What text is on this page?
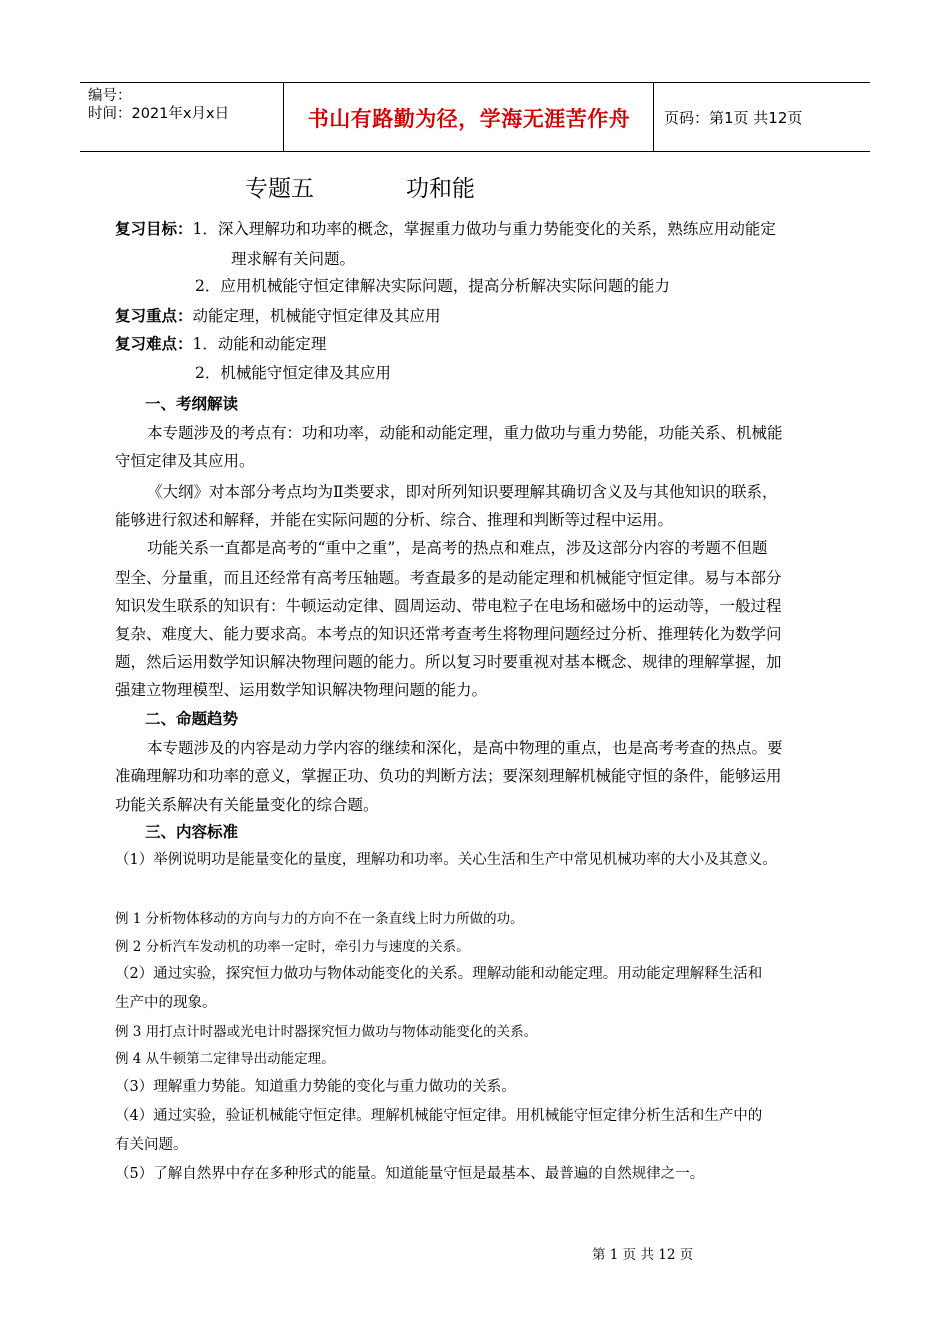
编号：
时间：2021年x月x日	书山有路勤为径，学海无涯苦作舟	页码：第1页 共12页
专题五	功和能
复习目标：1．深入理解功和功率的概念，掌握重力做功与重力势能变化的关系，熟练应用动能定
理求解有关问题。
2．应用机械能守恒定律解决实际问题，提高分析解决实际问题的能力
复习重点：动能定理，机械能守恒定律及其应用
复习难点：1．动能和动能定理
2．机械能守恒定律及其应用
一、考纲解读
本专题涉及的考点有：功和功率，动能和动能定理，重力做功与重力势能，功能关系、机械能
守恒定律及其应用。
《大纲》对本部分考点均为Ⅱ类要求，即对所列知识要理解其确切含义及与其他知识的联系，
能够进行叙述和解释，并能在实际问题的分析、综合、推理和判断等过程中运用。
功能关系一直都是高考的“重中之重”，是高考的热点和难点，涉及这部分内容的考题不但题
型全、分量重，而且还经常有高考压轴题。考查最多的是动能定理和机械能守恒定律。易与本部分
知识发生联系的知识有：牛顿运动定律、圆周运动、带电粒子在电场和磁场中的运动等，一般过程
复杂、难度大、能力要求高。本考点的知识还常考查考生将物理问题经过分析、推理转化为数学问
题，然后运用数学知识解决物理问题的能力。所以复习时要重视对基本概念、规律的理解掌握，加
强建立物理模型、运用数学知识解决物理问题的能力。
二、命题趋势
本专题涉及的内容是动力学内容的继续和深化，是高中物理的重点，也是高考考查的热点。要
准确理解功和功率的意义，掌握正功、负功的判断方法；要深刻理解机械能守恒的条件，能够运用
功能关系解决有关能量变化的综合题。
三、内容标准
（1）举例说明功是能量变化的量度，理解功和功率。关心生活和生产中常见机械功率的大小及其意义。
例 1 分析物体移动的方向与力的方向不在一条直线上时力所做的功。
例 2 分析汽车发动机的功率一定时，牵引力与速度的关系。
（2）通过实验，探究恒力做功与物体动能变化的关系。理解动能和动能定理。用动能定理解释生活和
生产中的现象。
例 3 用打点计时器或光电计时器探究恒力做功与物体动能变化的关系。
例 4 从牛顿第二定律导出动能定理。
（3）理解重力势能。知道重力势能的变化与重力做功的关系。
（4）通过实验，验证机械能守恒定律。理解机械能守恒定律。用机械能守恒定律分析生活和生产中的
有关问题。
（5）了解自然界中存在多种形式的能量。知道能量守恒是最基本、最普遍的自然规律之一。
第 1 页 共 12 页
